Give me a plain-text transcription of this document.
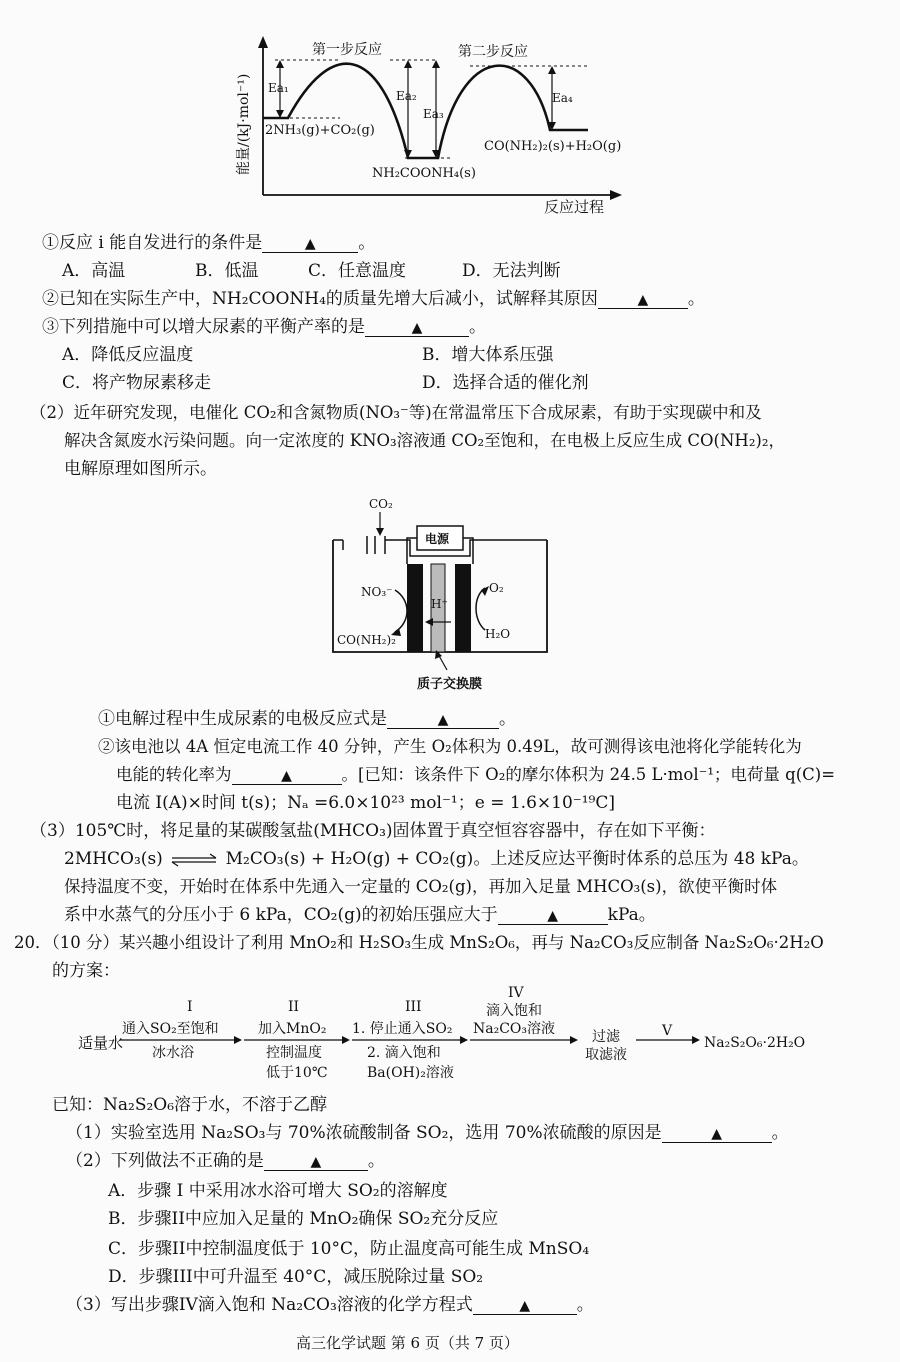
能量/(kJ·mol⁻¹)
反应过程
第一步反应	第二步反应
Ea₁
Ea₂
Ea₃
Ea₄
2NH₃(g)+CO₂(g)
NH₂COONH₄(s)
CO(NH₂)₂(s)+H₂O(g)
①反应 i 能自发进行的条件是	▲	。
A．高温	B．低温	C．任意温度	D．无法判断
②已知在实际生产中，NH₂COONH₄的质量先增大后减小，试解释其原因	▲ 。
③下列措施中可以增大尿素的平衡产率的是	▲	。
A．降低反应温度	B．增大体系压强
C．将产物尿素移走	D．选择合适的催化剂
（2）近年研究发现，电催化 CO₂和含氮物质(NO₃⁻等)在常温常压下合成尿素，有助于实现碳中和及
解决含氮废水污染问题。向一定浓度的 KNO₃溶液通 CO₂至饱和，在电极上反应生成 CO(NH₂)₂，
电解原理如图所示。
CO₂
电源
H⁺
NO₃⁻
CO(NH₂)₂
O₂
H₂O
质子交换膜
①电解过程中生成尿素的电极反应式是	▲	。
②该电池以 4A 恒定电流工作 40 分钟，产生 O₂体积为 0.49L，故可测得该电池将化学能转化为
电能的转化率为	▲	。[已知：该条件下 O₂的摩尔体积为 24.5 L·mol⁻¹；电荷量 q(C)=
电流 I(A)×时间 t(s)；Nₐ =6.0×10²³ mol⁻¹；e = 1.6×10⁻¹⁹C]
（3）105℃时，将足量的某碳酸氢盐(MHCO₃)固体置于真空恒容容器中，存在如下平衡：
2MHCO₃(s) ⇌ M₂CO₃(s) + H₂O(g) + CO₂(g)。上述反应达平衡时体系的总压为 48 kPa。
保持温度不变，开始时在体系中先通入一定量的 CO₂(g)，再加入足量 MHCO₃(s)，欲使平衡时体
系中水蒸气的分压小于 6 kPa，CO₂(g)的初始压强应大于	▲	kPa。
20．（10 分）某兴趣小组设计了利用 MnO₂和 H₂SO₃生成 MnS₂O₆，再与 Na₂CO₃反应制备 Na₂S₂O₆·2H₂O
的方案：
适量水
I
通入SO₂至饱和
冰水浴
II
加入MnO₂
控制温度
低于10℃
III
1. 停止通入SO₂
2. 滴入饱和
Ba(OH)₂溶液
IV
滴入饱和
Na₂CO₃溶液	过滤
取滤液
V
Na₂S₂O₆·2H₂O
已知：Na₂S₂O₆溶于水，不溶于乙醇
（1）实验室选用 Na₂SO₃与 70%浓硫酸制备 SO₂，选用 70%浓硫酸的原因是	▲	。
（2）下列做法不正确的是	▲	。
A．步骤 I 中采用冰水浴可增大 SO₂的溶解度
B．步骤II中应加入足量的 MnO₂确保 SO₂充分反应
C．步骤II中控制温度低于 10°C，防止温度高可能生成 MnSO₄
D．步骤III中可升温至 40°C，减压脱除过量 SO₂
（3）写出步骤IV滴入饱和 Na₂CO₃溶液的化学方程式	▲	。
高三化学试题 第 6 页（共 7 页）
